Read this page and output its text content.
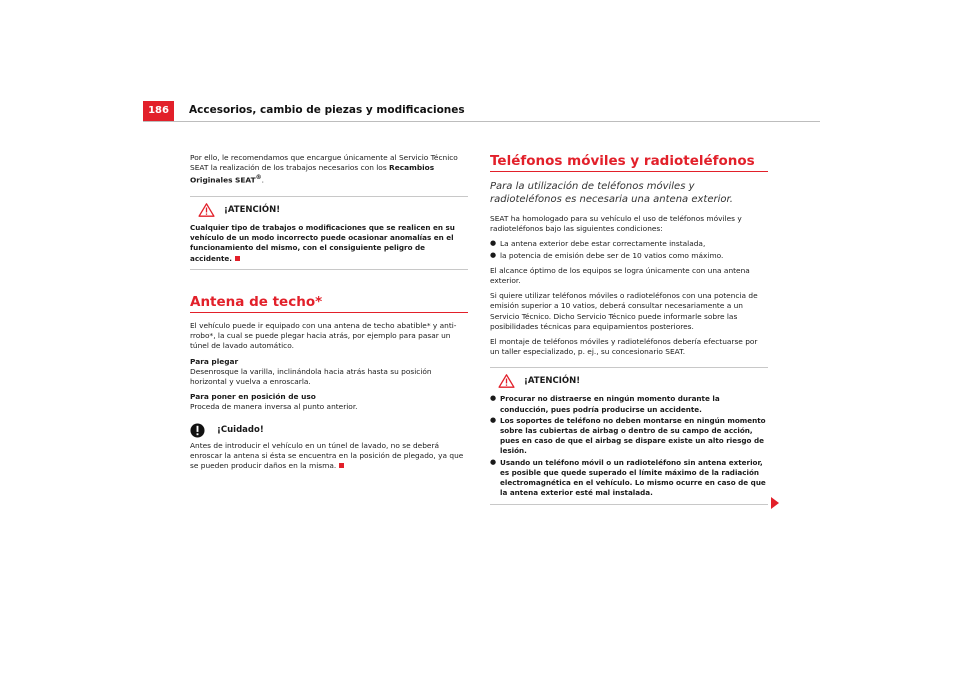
186	Accesorios, cambio de piezas y modificaciones

Por ello, le recomendamos que encargue únicamente al Servicio Técnico SEAT la realización de los trabajos necesarios con los Recambios Originales SEAT®.

¡ATENCIÓN!
Cualquier tipo de trabajos o modificaciones que se realicen en su vehículo de un modo incorrecto puede ocasionar anomalías en el funcionamiento del mismo, con el consiguiente peligro de accidente.
Antena de techo*

El vehículo puede ir equipado con una antena de techo abatible* y anti-rrobo*, la cual se puede plegar hacia atrás, por ejemplo para pasar un túnel de lavado automático.

Para plegar

Desenrosque la varilla, inclinándola hacia atrás hasta su posición horizontal y vuelva a enroscarla.

Para poner en posición de uso

Proceda de manera inversa al punto anterior.

¡Cuidado!

Antes de introducir el vehículo en un túnel de lavado, no se deberá enroscar la antena si ésta se encuentra en la posición de plegado, ya que se pueden producir daños en la misma.

Teléfonos móviles y radioteléfonos

Para la utilización de teléfonos móviles y radioteléfonos es necesaria una antena exterior.

SEAT ha homologado para su vehículo el uso de teléfonos móviles y radioteléfonos bajo las siguientes condiciones:

● La antena exterior debe estar correctamente instalada,
● la potencia de emisión debe ser de 10 vatios como máximo.

El alcance óptimo de los equipos se logra únicamente con una antena exterior.

Si quiere utilizar teléfonos móviles o radioteléfonos con una potencia de emisión superior a 10 vatios, deberá consultar necesariamente a un Servicio Técnico. Dicho Servicio Técnico puede informarle sobre las posibilidades técnicas para equipamientos posteriores.

El montaje de teléfonos móviles y radioteléfonos debería efectuarse por un taller especializado, p. ej., su concesionario SEAT.

¡ATENCIÓN!
● Procurar no distraerse en ningún momento durante la conducción, pues podría producirse un accidente.
● Los soportes de teléfono no deben montarse en ningún momento sobre las cubiertas de airbag o dentro de su campo de acción, pues en caso de que el airbag se dispare existe un alto riesgo de lesión.
● Usando un teléfono móvil o un radioteléfono sin antena exterior, es posible que quede superado el límite máximo de la radiación electromagnética en el vehículo. Lo mismo ocurre en caso de que la antena exterior esté mal instalada.
